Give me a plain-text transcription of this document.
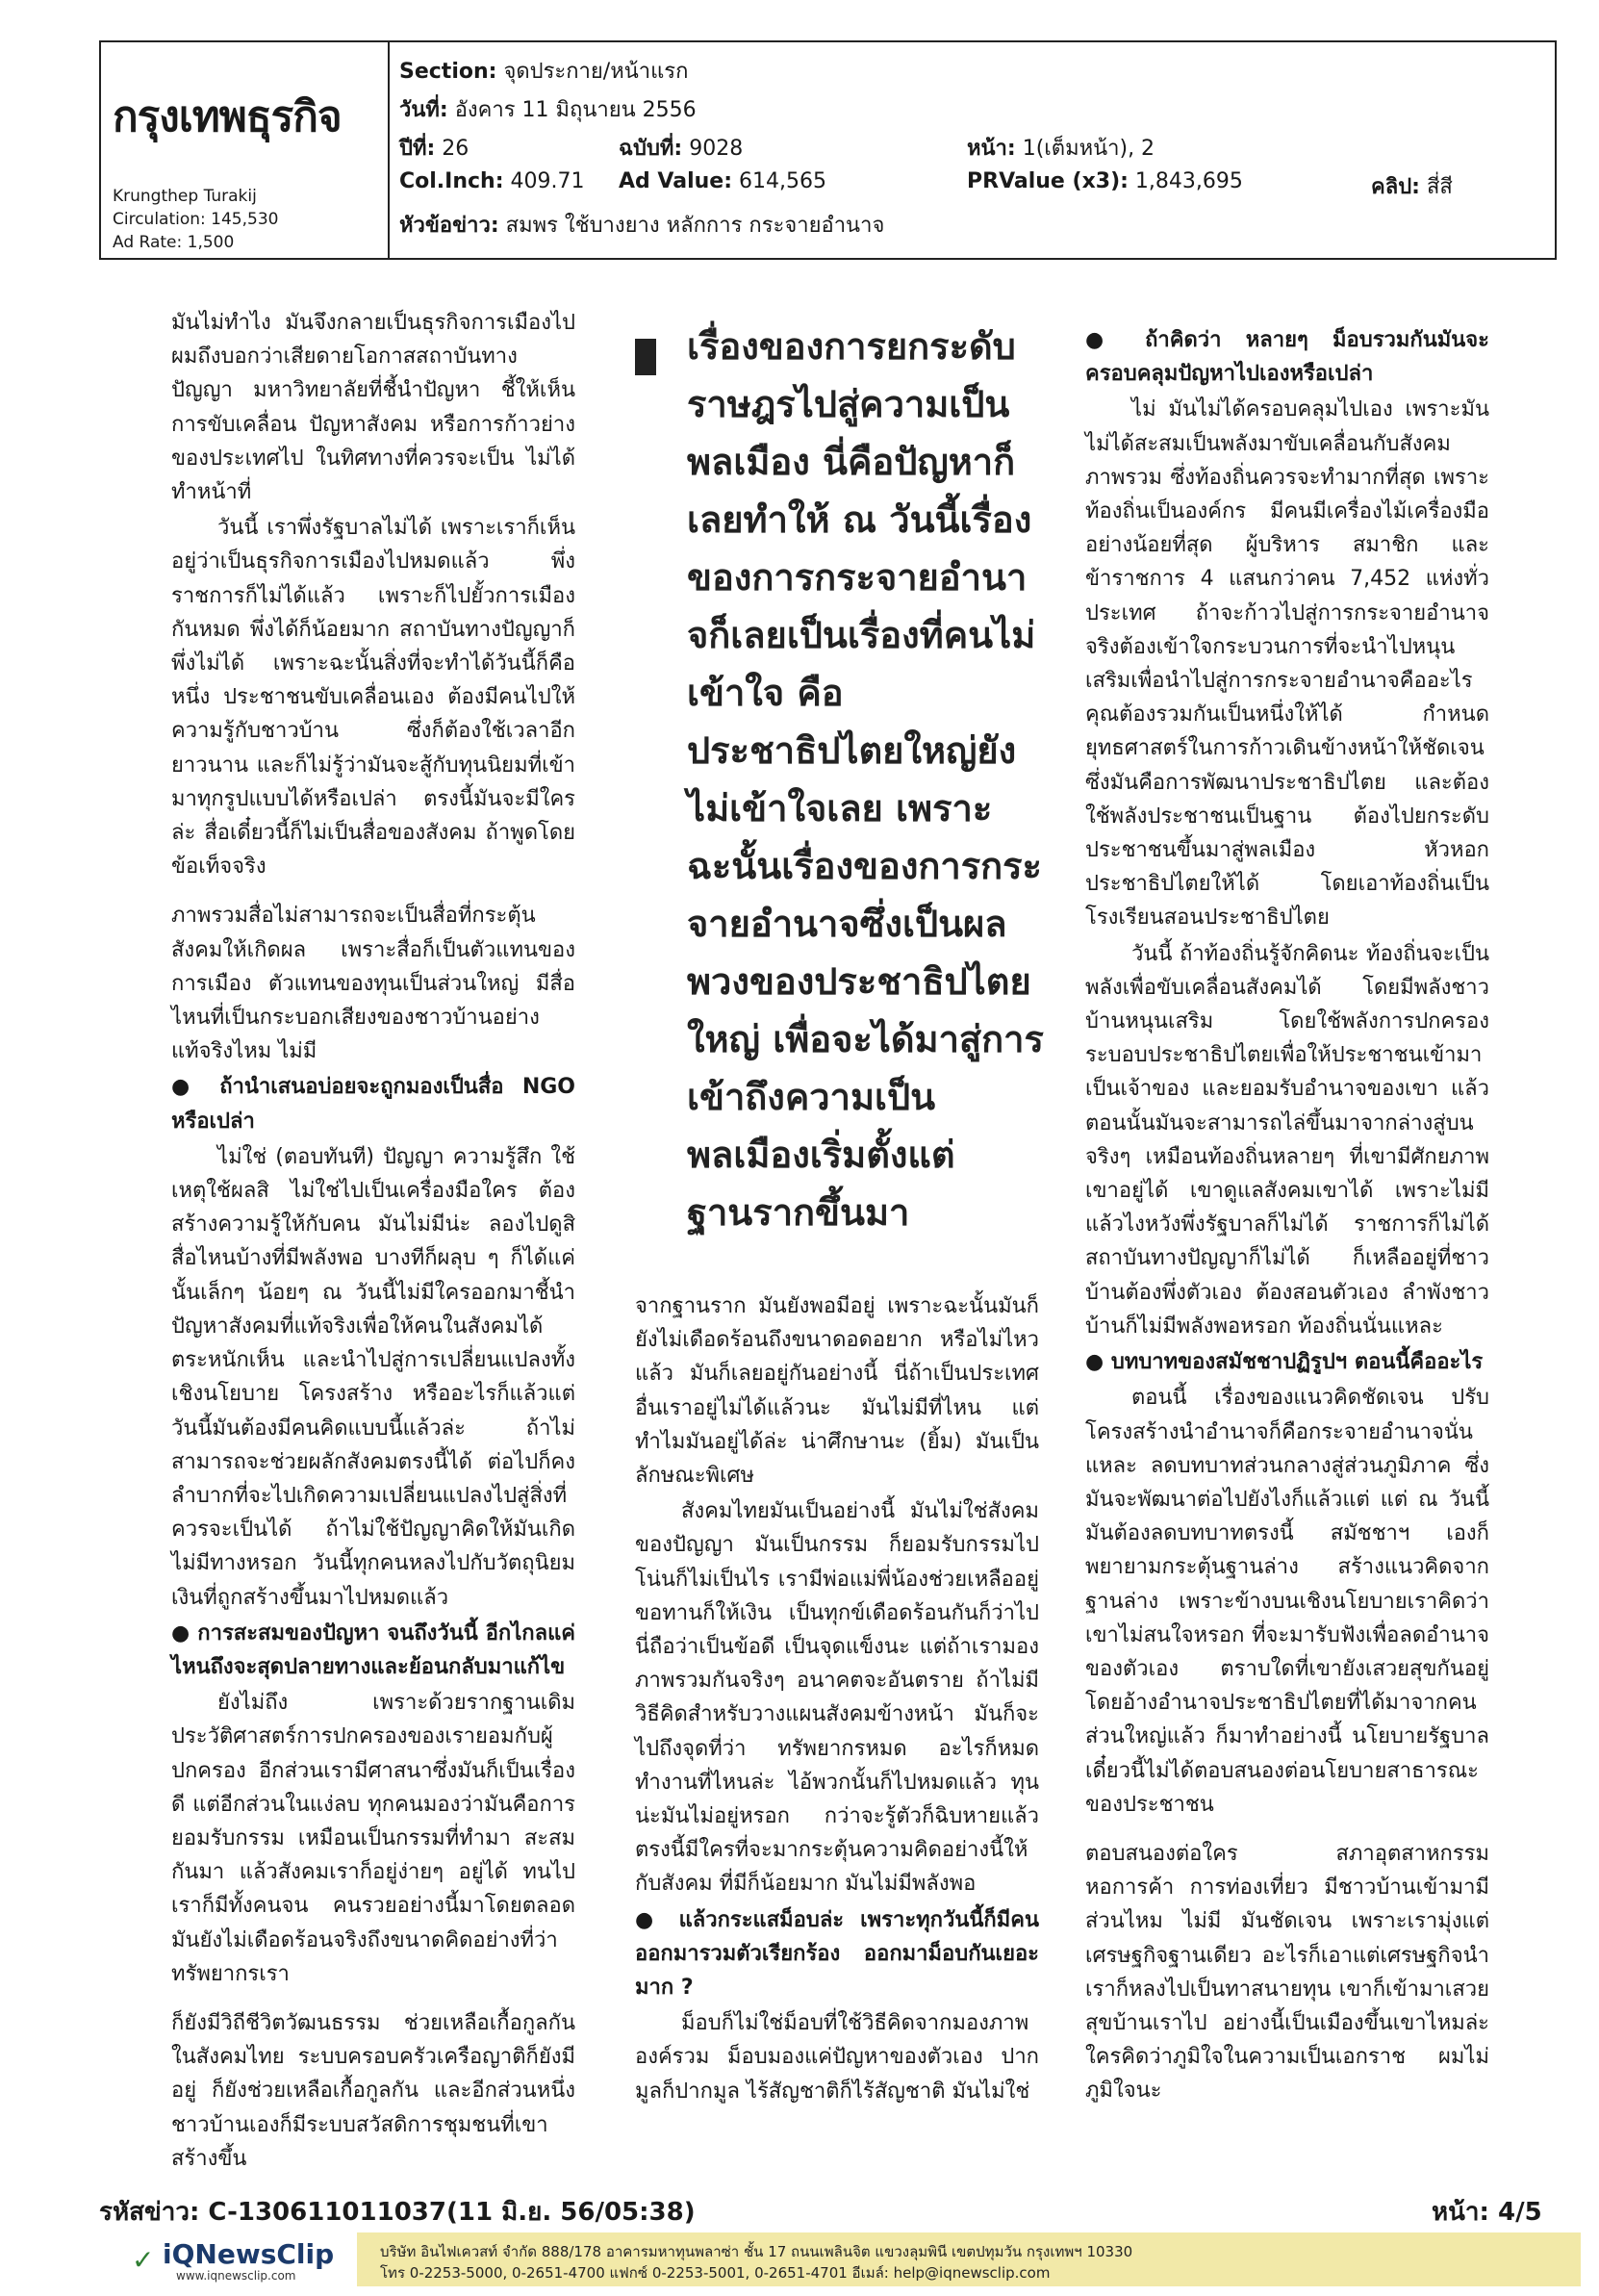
กรุงเทพธุรกิจ
Krungthep Turakij
Circulation: 145,530
Ad Rate: 1,500
Section: จุดประกาย/หน้าแรก
วันที่: อังคาร 11 มิถุนายน 2556
ปีที่: 26	ฉบับที่: 9028	หน้า: 1(เต็มหน้า), 2
Col.Inch: 409.71 Ad Value: 614,565	PRValue (x3): 1,843,695	คลิป: สี่สี
หัวข้อข่าว: สมพร ใช้บางยาง หลักการ กระจายอำนาจ

มันไม่ทำไง มันจึงกลายเป็นธุรกิจการเมืองไป ผมถึงบอกว่าเสียดายโอกาสสถาบันทางปัญญา มหาวิทยาลัยที่ชี้นำปัญหา ชี้ให้เห็นการขับเคลื่อน ปัญหาสังคม หรือการก้าวย่างของประเทศไป ในทิศทางที่ควรจะเป็น ไม่ได้ทำหน้าที่

วันนี้ เราพึ่งรัฐบาลไม่ได้ เพราะเราก็เห็นอยู่ว่าเป็นธุรกิจการเมืองไปหมดแล้ว พึ่งราชการก็ไม่ได้แล้ว เพราะก็ไปยั้วการเมืองกันหมด พึ่งได้ก็น้อยมาก สถาบันทางปัญญาก็พึ่งไม่ได้ เพราะฉะนั้นสิ่งที่จะทำได้วันนี้ก็คือ หนึ่ง ประชาชนขับเคลื่อนเอง ต้องมีคนไปให้ความรู้กับชาวบ้าน ซึ่งก็ต้องใช้เวลาอีกยาวนาน และก็ไม่รู้ว่ามันจะสู้กับทุนนิยมที่เข้ามาทุกรูปแบบได้หรือเปล่า ตรงนี้มันจะมีใครล่ะ สื่อเดี๋ยวนี้ก็ไม่เป็นสื่อของสังคม ถ้าพูดโดยข้อเท็จจริง

ภาพรวมสื่อไม่สามารถจะเป็นสื่อที่กระตุ้นสังคมให้เกิดผล เพราะสื่อก็เป็นตัวแทนของการเมือง ตัวแทนของทุนเป็นส่วนใหญ่ มีสื่อไหนที่เป็นกระบอกเสียงของชาวบ้านอย่างแท้จริงไหม ไม่มี

● ถ้านำเสนอบ่อยจะถูกมองเป็นสื่อ NGO หรือเปล่า

ไม่ใช่ (ตอบทันที) ปัญญา ความรู้สึก ใช้เหตุใช้ผลสิ ไม่ใช่ไปเป็นเครื่องมือใคร ต้องสร้างความรู้ให้กับคน มันไม่มีน่ะ ลองไปดูสิสื่อไหนบ้างที่มีพลังพอ บางทีก็ผลุบ ๆ ก็ได้แค่นั้นเล็กๆ น้อยๆ ณ วันนี้ไม่มีใครออกมาชี้นำปัญหาสังคมที่แท้จริงเพื่อให้คนในสังคมได้ตระหนักเห็น และนำไปสู่การเปลี่ยนแปลงทั้งเชิงนโยบาย โครงสร้าง หรืออะไรก็แล้วแต่ วันนี้มันต้องมีคนคิดแบบนี้แล้วล่ะ ถ้าไม่สามารถจะช่วยผลักสังคมตรงนี้ได้ ต่อไปก็คงลำบากที่จะไปเกิดความเปลี่ยนแปลงไปสู่สิ่งที่ควรจะเป็นได้ ถ้าไม่ใช้ปัญญาคิดให้มันเกิด ไม่มีทางหรอก วันนี้ทุกคนหลงไปกับวัตถุนิยมเงินที่ถูกสร้างขึ้นมาไปหมดแล้ว

● การสะสมของปัญหา จนถึงวันนี้ อีกไกลแค่ไหนถึงจะสุดปลายทางและย้อนกลับมาแก้ไข

ยังไม่ถึง เพราะด้วยรากฐานเดิมประวัติศาสตร์การปกครองของเรายอมกับผู้ปกครอง อีกส่วนเรามีศาสนาซึ่งมันก็เป็นเรื่องดี แต่อีกส่วนในแง่ลบ ทุกคนมองว่ามันคือการยอมรับกรรม เหมือนเป็นกรรมที่ทำมา สะสมกันมา แล้วสังคมเราก็อยู่ง่ายๆ อยู่ได้ ทนไป เราก็มีทั้งคนจน คนรวยอย่างนี้มาโดยตลอด มันยังไม่เดือดร้อนจริงถึงขนาดคิดอย่างที่ว่า ทรัพยากรเรา

ก็ยังมีวิถีชีวิตวัฒนธรรม ช่วยเหลือเกื้อกูลกันในสังคมไทย ระบบครอบครัวเครือญาติก็ยังมีอยู่ ก็ยังช่วยเหลือเกื้อกูลกัน และอีกส่วนหนึ่งชาวบ้านเองก็มีระบบสวัสดิการชุมชนที่เขาสร้างขึ้น

เรื่องของการยกระดับราษฎรไปสู่ความเป็นพลเมือง นี่คือปัญหาก็เลยทำให้ ณ วันนี้เรื่องของการกระจายอำนาจก็เลยเป็นเรื่องที่คนไม่เข้าใจ คือประชาธิปไตยใหญ่ยังไม่เข้าใจเลย เพราะฉะนั้นเรื่องของการกระจายอำนาจซึ่งเป็นผลพวงของประชาธิปไตยใหญ่ เพื่อจะได้มาสู่การเข้าถึงความเป็นพลเมืองเริ่มตั้งแต่ฐานรากขึ้นมา

จากฐานราก มันยังพอมีอยู่ เพราะฉะนั้นมันก็ยังไม่เดือดร้อนถึงขนาดอดอยาก หรือไม่ไหวแล้ว มันก็เลยอยู่กันอย่างนี้ นี่ถ้าเป็นประเทศอื่นเราอยู่ไม่ได้แล้วนะ มันไม่มีที่ไหน แต่ทำไมมันอยู่ได้ล่ะ น่าศึกษานะ (ยิ้ม) มันเป็นลักษณะพิเศษ

สังคมไทยมันเป็นอย่างนี้ มันไม่ใช่สังคมของปัญญา มันเป็นกรรม ก็ยอมรับกรรมไป โน่นก็ไม่เป็นไร เรามีพ่อแม่พี่น้องช่วยเหลืออยู่ ขอทานก็ให้เงิน เป็นทุกข์เดือดร้อนกันก็ว่าไป นี่ถือว่าเป็นข้อดี เป็นจุดแข็งนะ แต่ถ้าเรามองภาพรวมกันจริงๆ อนาคตจะอันตราย ถ้าไม่มีวิธีคิดสำหรับวางแผนสังคมข้างหน้า มันก็จะไปถึงจุดที่ว่า ทรัพยากรหมด อะไรก็หมด ทำงานที่ไหนล่ะ ไอ้พวกนั้นก็ไปหมดแล้ว ทุนน่ะมันไม่อยู่หรอก กว่าจะรู้ตัวก็ฉิบหายแล้ว ตรงนี้มีใครที่จะมากระตุ้นความคิดอย่างนี้ให้กับสังคม ที่มีก็น้อยมาก มันไม่มีพลังพอ

● แล้วกระแสม็อบล่ะ เพราะทุกวันนี้ก็มีคนออกมารวมตัวเรียกร้อง ออกมาม็อบกันเยอะมาก ?

ม็อบก็ไม่ใช่ม็อบที่ใช้วิธีคิดจากมองภาพองค์รวม ม็อบมองแค่ปัญหาของตัวเอง ปากมูลก็ปากมูล ไร้สัญชาติก็ไร้สัญชาติ มันไม่ใช่

● ถ้าคิดว่า หลายๆ ม็อบรวมกันมันจะครอบคลุมปัญหาไปเองหรือเปล่า

ไม่ มันไม่ได้ครอบคลุมไปเอง เพราะมันไม่ได้สะสมเป็นพลังมาขับเคลื่อนกับสังคมภาพรวม ซึ่งท้องถิ่นควรจะทำมากที่สุด เพราะท้องถิ่นเป็นองค์กร มีคนมีเครื่องไม้เครื่องมือ อย่างน้อยที่สุด ผู้บริหาร สมาชิก และข้าราชการ 4 แสนกว่าคน 7,452 แห่งทั่วประเทศ ถ้าจะก้าวไปสู่การกระจายอำนาจจริงต้องเข้าใจกระบวนการที่จะนำไปหนุนเสริมเพื่อนำไปสู่การกระจายอำนาจคืออะไร คุณต้องรวมกันเป็นหนึ่งให้ได้ กำหนดยุทธศาสตร์ในการก้าวเดินข้างหน้าให้ชัดเจน ซึ่งมันคือการพัฒนาประชาธิปไตย และต้องใช้พลังประชาชนเป็นฐาน ต้องไปยกระดับประชาชนขึ้นมาสู่พลเมือง หัวหอกประชาธิปไตยให้ได้ โดยเอาท้องถิ่นเป็นโรงเรียนสอนประชาธิปไตย

วันนี้ ถ้าท้องถิ่นรู้จักคิดนะ ท้องถิ่นจะเป็นพลังเพื่อขับเคลื่อนสังคมได้ โดยมีพลังชาวบ้านหนุนเสริม โดยใช้พลังการปกครองระบอบประชาธิปไตยเพื่อให้ประชาชนเข้ามาเป็นเจ้าของ และยอมรับอำนาจของเขา แล้วตอนนั้นมันจะสามารถไล่ขึ้นมาจากล่างสู่บนจริงๆ เหมือนท้องถิ่นหลายๆ ที่เขามีศักยภาพ เขาอยู่ได้ เขาดูแลสังคมเขาได้ เพราะไม่มีแล้วไงหวังพึ่งรัฐบาลก็ไม่ได้ ราชการก็ไม่ได้ สถาบันทางปัญญาก็ไม่ได้ ก็เหลืออยู่ที่ชาวบ้านต้องพึ่งตัวเอง ต้องสอนตัวเอง ลำพังชาวบ้านก็ไม่มีพลังพอหรอก ท้องถิ่นนั่นแหละ

● บทบาทของสมัชชาปฏิรูปฯ ตอนนี้คืออะไร

ตอนนี้ เรื่องของแนวคิดชัดเจน ปรับโครงสร้างนำอำนาจก็คือกระจายอำนาจนั่นแหละ ลดบทบาทส่วนกลางสู่ส่วนภูมิภาค ซึ่งมันจะพัฒนาต่อไปยังไงก็แล้วแต่ แต่ ณ วันนี้มันต้องลดบทบาทตรงนี้ สมัชชาฯ เองก็พยายามกระตุ้นฐานล่าง สร้างแนวคิดจากฐานล่าง เพราะข้างบนเชิงนโยบายเราคิดว่า เขาไม่สนใจหรอก ที่จะมารับฟังเพื่อลดอำนาจของตัวเอง ตราบใดที่เขายังเสวยสุขกันอยู่ โดยอ้างอำนาจประชาธิปไตยที่ได้มาจากคนส่วนใหญ่แล้ว ก็มาทำอย่างนี้ นโยบายรัฐบาลเดี๋ยวนี้ไม่ได้ตอบสนองต่อนโยบายสาธารณะของประชาชน

ตอบสนองต่อใคร สภาอุตสาหกรรม หอการค้า การท่องเที่ยว มีชาวบ้านเข้ามามีส่วนไหม ไม่มี มันชัดเจน เพราะเรามุ่งแต่เศรษฐกิจฐานเดียว อะไรก็เอาแต่เศรษฐกิจนำ เราก็หลงไปเป็นทาสนายทุน เขาก็เข้ามาเสวยสุขบ้านเราไป อย่างนี้เป็นเมืองขึ้นเขาไหมล่ะ ใครคิดว่าภูมิใจในความเป็นเอกราช ผมไม่ภูมิใจนะ

รหัสข่าว: C-130611011037(11 มิ.ย. 56/05:38)	หน้า: 4/5
✓ iQNewsClip
www.iqnewsclip.com
บริษัท อินไฟเควสท์ จำกัด 888/178 อาคารมหาทุนพลาซ่า ชั้น 17 ถนนเพลินจิต แขวงลุมพินี เขตปทุมวัน กรุงเทพฯ 10330
โทร 0-2253-5000, 0-2651-4700 แฟกซ์ 0-2253-5001, 0-2651-4701 อีเมล์: help@iqnewsclip.com
